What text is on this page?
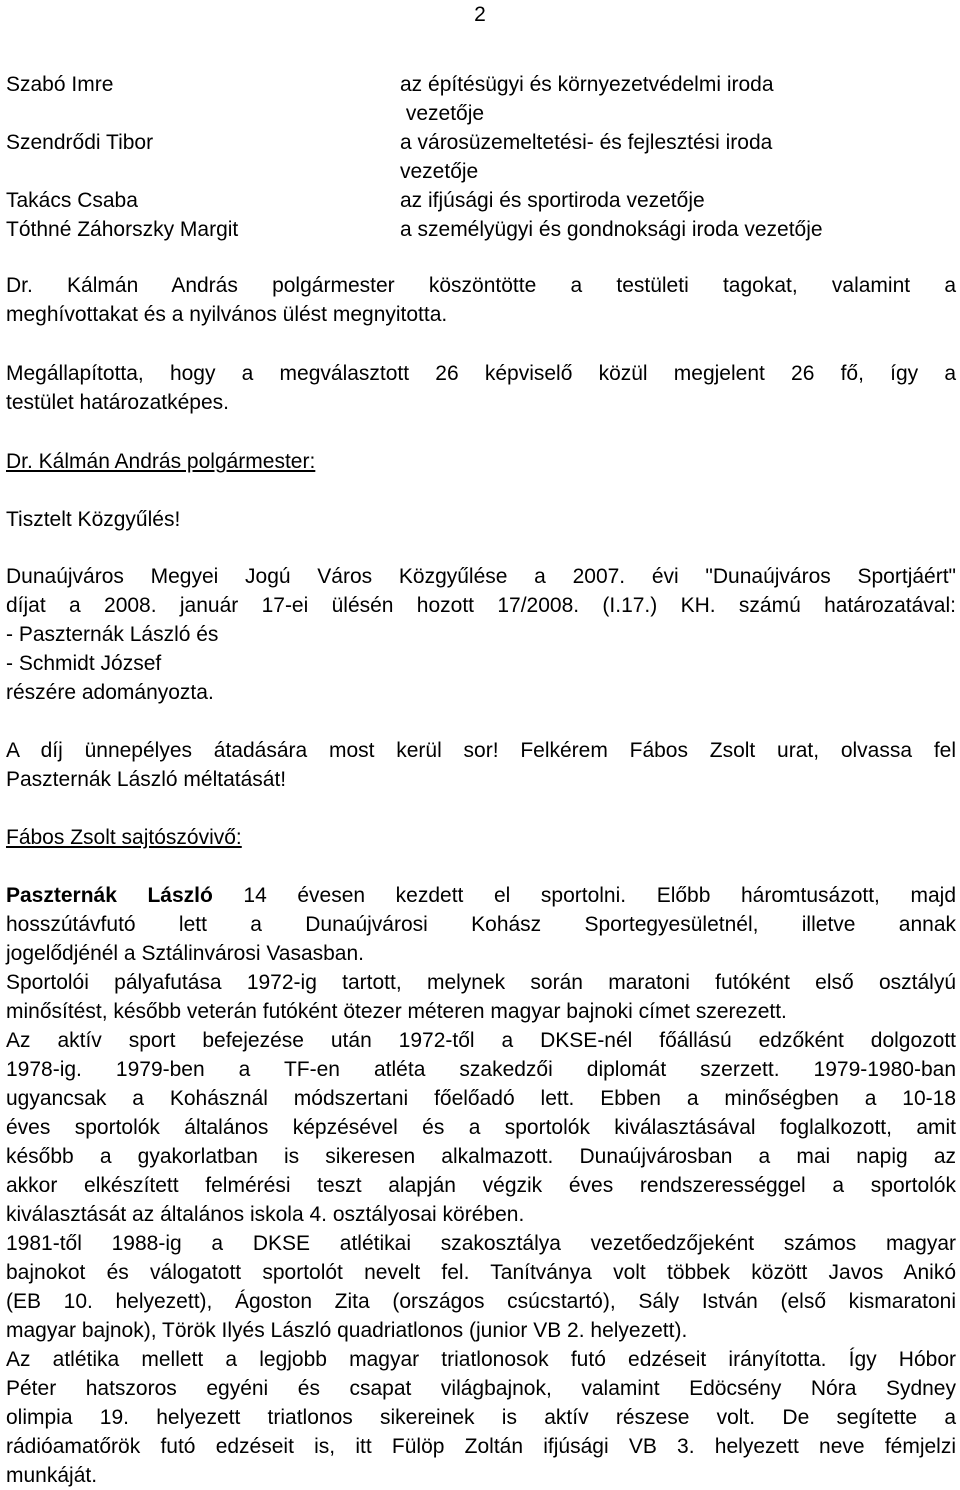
2
Szabó Imre	az építésügyi és környezetvédelmi iroda
vezetője
Szendrődi Tibor	a városüzemeltetési- és fejlesztési iroda
vezetője
Takács Csaba	az ifjúsági és sportiroda vezetője
Tóthné Záhorszky Margit	a személyügyi és gondnoksági iroda vezetője
Dr. Kálmán András polgármester köszöntötte a testületi tagokat, valamint a
meghívottakat és a nyilvános ülést megnyitotta.
Megállapította, hogy a megválasztott 26 képviselő közül megjelent 26 fő, így a
testület határozatképes.
Dr. Kálmán András polgármester:
Tisztelt Közgyűlés!
Dunaújváros Megyei Jogú Város Közgyűlése a 2007. évi "Dunaújváros Sportjáért"
díjat a 2008. január 17-ei ülésén hozott 17/2008. (I.17.) KH. számú határozatával:
- Paszternák László és
- Schmidt József
részére adományozta.
A díj ünnepélyes átadására most kerül sor! Felkérem Fábos Zsolt urat, olvassa fel
Paszternák László méltatását!
Fábos Zsolt sajtószóvivő:
Paszternák László 14 évesen kezdett el sportolni. Előbb háromtusázott, majd
hosszútávfutó lett a Dunaújvárosi Kohász Sportegyesületnél, illetve annak
jogelődjénél a Sztálinvárosi Vasasban.
Sportolói pályafutása 1972-ig tartott, melynek során maratoni futóként első osztályú
minősítést, később veterán futóként ötezer méteren magyar bajnoki címet szerezett.
Az aktív sport befejezése után 1972-től a DKSE-nél főállású edzőként dolgozott
1978-ig. 1979-ben a TF-en atléta szakedzői diplomát szerzett. 1979-1980-ban
ugyancsak a Kohásznál módszertani főelőadó lett. Ebben a minőségben a 10-18
éves sportolók általános képzésével és a sportolók kiválasztásával foglalkozott, amit
később a gyakorlatban is sikeresen alkalmazott. Dunaújvárosban a mai napig az
akkor elkészített felmérési teszt alapján végzik éves rendszerességgel a sportolók
kiválasztását az általános iskola 4. osztályosai körében.
1981-től 1988-ig a DKSE atlétikai szakosztálya vezetőedzőjeként számos magyar
bajnokot és válogatott sportolót nevelt fel. Tanítványa volt többek között Javos Anikó
(EB 10. helyezett), Ágoston Zita (országos csúcstartó), Sály István (első kismaratoni
magyar bajnok), Török Ilyés László quadriatlonos (junior VB 2. helyezett).
Az atlétika mellett a legjobb magyar triatlonosok futó edzéseit irányította. Így Hóbor
Péter hatszoros egyéni és csapat világbajnok, valamint Edöcsény Nóra Sydney
olimpia 19. helyezett triatlonos sikereinek is aktív részese volt. De segítette a
rádióamatőrök futó edzéseit is, itt Fülöp Zoltán ifjúsági VB 3. helyezett neve fémjelzi
munkáját.
